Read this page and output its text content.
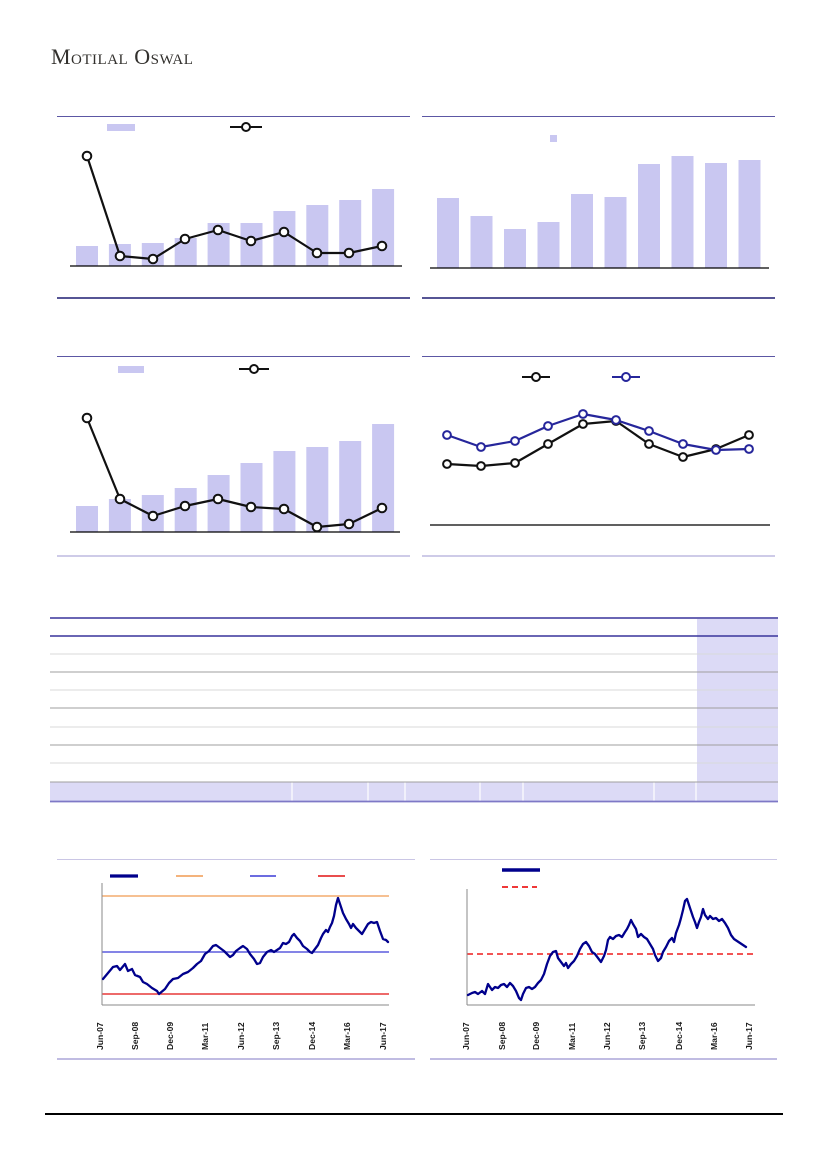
Motilal Oswal
Jun-07	Sep-08	Dec-09	Mar-11	Jun-12	Sep-13	Dec-14	Mar-16	Jun-17	Jun-07	Sep-08	Dec-09	Mar-11	Jun-12	Sep-13	Dec-14	Mar-16	Jun-17
